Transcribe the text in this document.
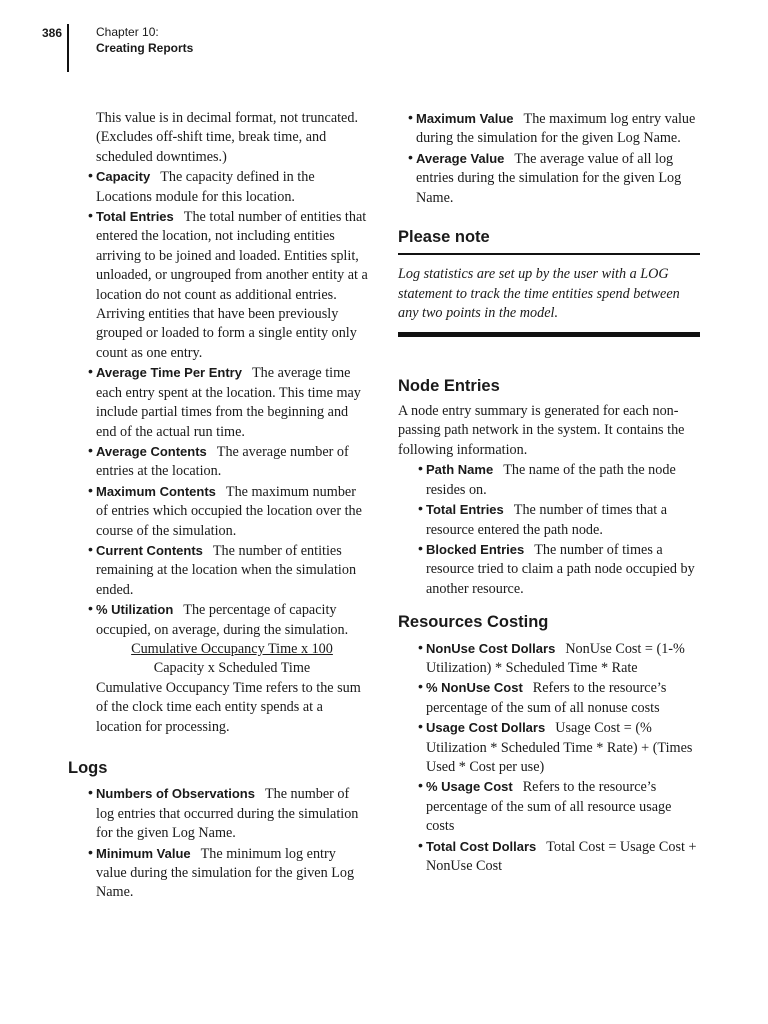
386	Chapter 10:
Creating Reports

This value is in decimal format, not truncated. (Excludes off-shift time, break time, and scheduled downtimes.)

• Capacity The capacity defined in the Locations module for this location.

• Total Entries The total number of entities that entered the location, not including entities arriving to be joined and loaded. Entities split, unloaded, or ungrouped from another entity at a location do not count as additional entries. Arriving entities that have been previously grouped or loaded to form a single entity only count as one entry.

• Average Time Per Entry The average time each entry spent at the location. This time may include partial times from the beginning and end of the actual run time.

• Average Contents The average number of entries at the location.

• Maximum Contents The maximum number of entries which occupied the location over the course of the simulation.

• Current Contents The number of entities remaining at the location when the simulation ended.

• % Utilization The percentage of capacity occupied, on average, during the simulation.

Cumulative Occupancy Time x 100
Capacity x Scheduled Time

Cumulative Occupancy Time refers to the sum of the clock time each entity spends at a location for processing.

Logs

• Numbers of Observations The number of log entries that occurred during the simulation for the given Log Name.

• Minimum Value The minimum log entry value during the simulation for the given Log Name.

• Maximum Value The maximum log entry value during the simulation for the given Log Name.

• Average Value The average value of all log entries during the simulation for the given Log Name.

Please note

Log statistics are set up by the user with a LOG statement to track the time entities spend between any two points in the model.

Node Entries

A node entry summary is generated for each non-passing path network in the system. It contains the following information.

• Path Name The name of the path the node resides on.

• Total Entries The number of times that a resource entered the path node.

• Blocked Entries The number of times a resource tried to claim a path node occupied by another resource.

Resources Costing

• NonUse Cost Dollars NonUse Cost = (1-% Utilization) * Scheduled Time * Rate

• % NonUse Cost Refers to the resource’s percentage of the sum of all nonuse costs

• Usage Cost Dollars Usage Cost = (% Utilization * Scheduled Time * Rate) + (Times Used * Cost per use)

• % Usage Cost Refers to the resource’s percentage of the sum of all resource usage costs

• Total Cost Dollars Total Cost = Usage Cost + NonUse Cost
